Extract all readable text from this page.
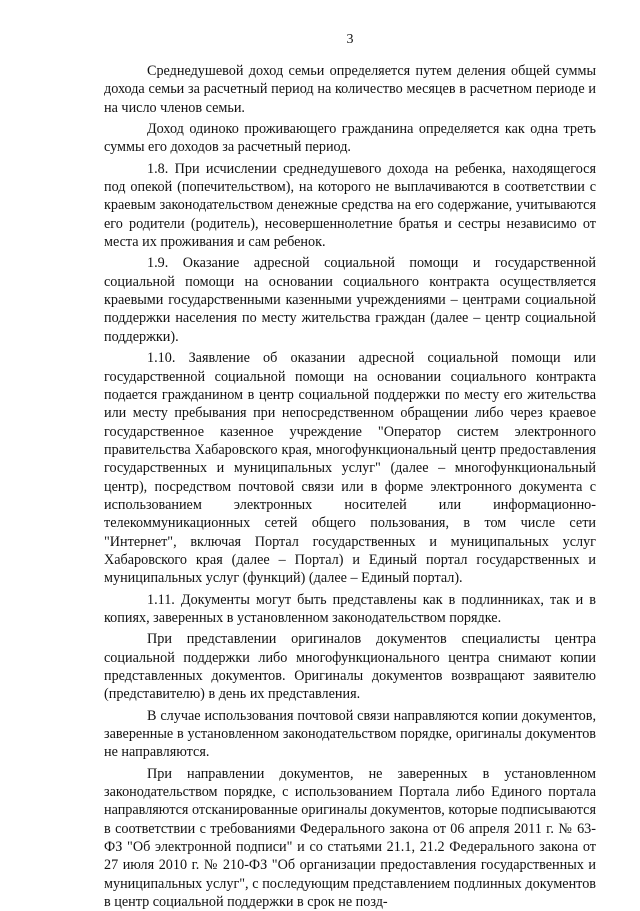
3

Среднедушевой доход семьи определяется путем деления общей суммы дохода семьи за расчетный период на количество месяцев в расчетном периоде и на число членов семьи.

Доход одиноко проживающего гражданина определяется как одна треть суммы его доходов за расчетный период.

1.8. При исчислении среднедушевого дохода на ребенка, находящегося под опекой (попечительством), на которого не выплачиваются в соответствии с краевым законодательством денежные средства на его содержание, учитываются его родители (родитель), несовершеннолетние братья и сестры независимо от места их проживания и сам ребенок.

1.9. Оказание адресной социальной помощи и государственной социальной помощи на основании социального контракта осуществляется краевыми государственными казенными учреждениями – центрами социальной поддержки населения по месту жительства граждан (далее – центр социальной поддержки).

1.10. Заявление об оказании адресной социальной помощи или государственной социальной помощи на основании социального контракта подается гражданином в центр социальной поддержки по месту его жительства или месту пребывания при непосредственном обращении либо через краевое государственное казенное учреждение "Оператор систем электронного правительства Хабаровского края, многофункциональный центр предоставления государственных и муниципальных услуг" (далее – многофункциональный центр), посредством почтовой связи или в форме электронного документа с использованием электронных носителей или информационно-телекоммуникационных сетей общего пользования, в том числе сети "Интернет", включая Портал государственных и муниципальных услуг Хабаровского края (далее – Портал) и Единый портал государственных и муниципальных услуг (функций) (далее – Единый портал).

1.11. Документы могут быть представлены как в подлинниках, так и в копиях, заверенных в установленном законодательством порядке.

При представлении оригиналов документов специалисты центра социальной поддержки либо многофункционального центра снимают копии представленных документов. Оригиналы документов возвращают заявителю (представителю) в день их представления.

В случае использования почтовой связи направляются копии документов, заверенные в установленном законодательством порядке, оригиналы документов не направляются.

При направлении документов, не заверенных в установленном законодательством порядке, с использованием Портала либо Единого портала направляются отсканированные оригиналы документов, которые подписываются в соответствии с требованиями Федерального закона от 06 апреля 2011 г. № 63-ФЗ "Об электронной подписи" и со статьями 21.1, 21.2 Федерального закона от 27 июля 2010 г. № 210-ФЗ "Об организации предоставления государственных и муниципальных услуг", с последующим представлением подлинных документов в центр социальной поддержки в срок не позд-
